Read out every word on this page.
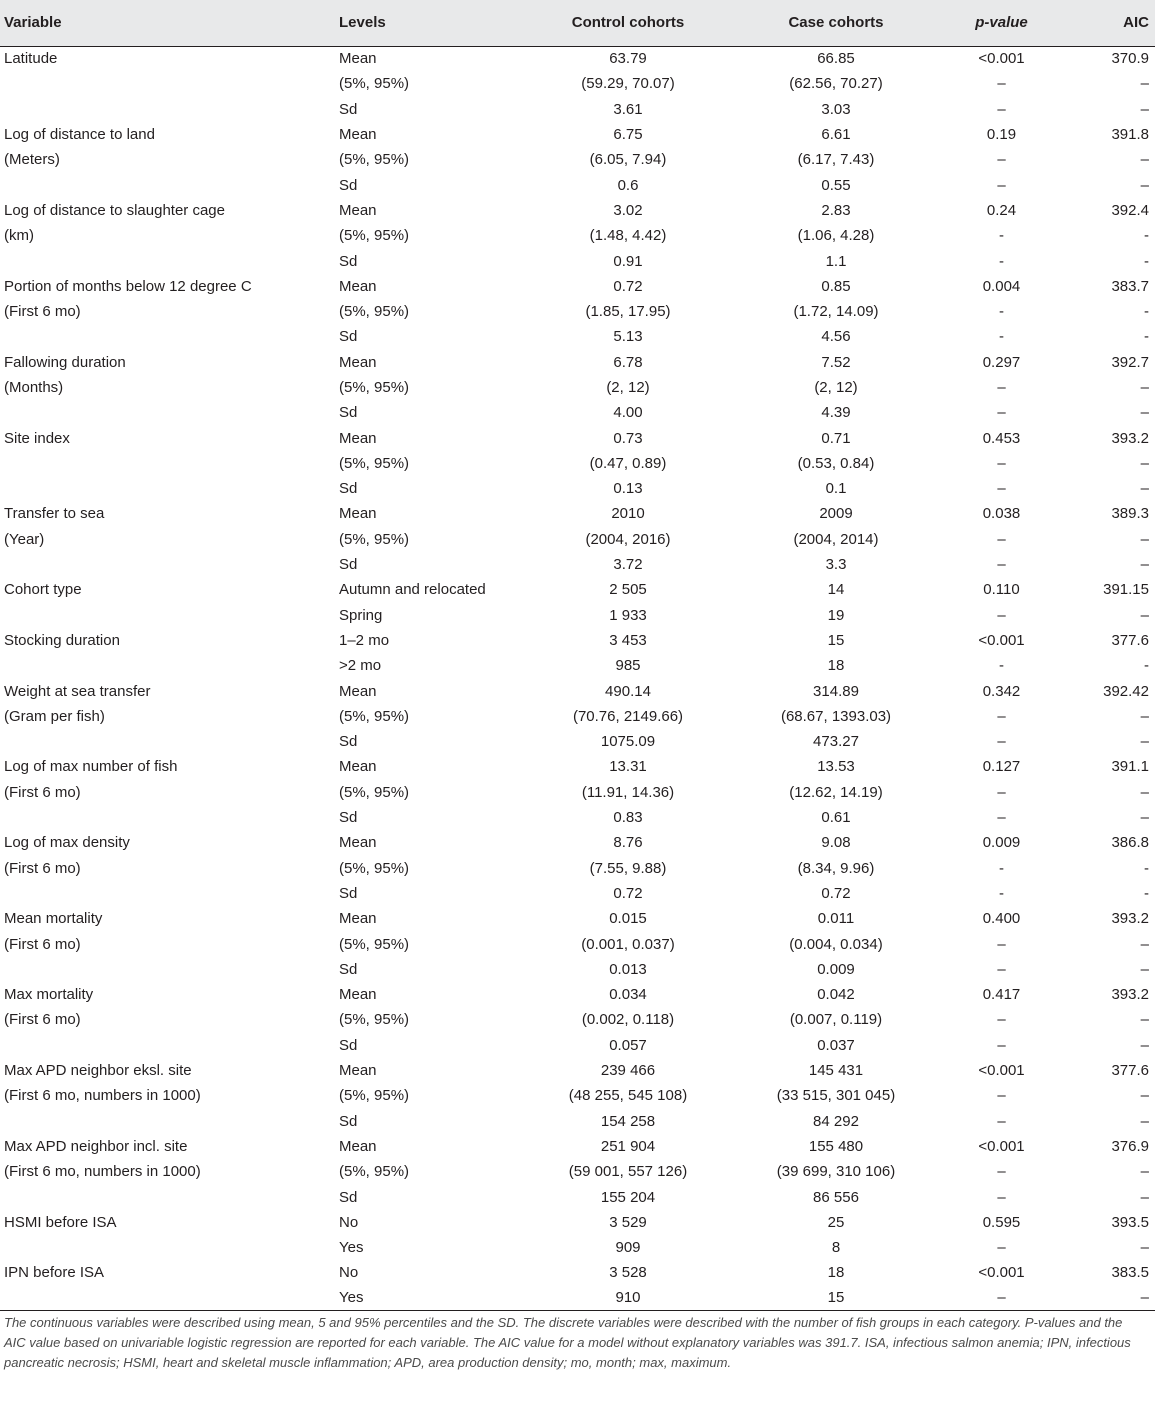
Variable	Levels	Control cohorts	Case cohorts	p-value	AIC
Latitude	Mean	63.79	66.85	<0.001	370.9
	(5%, 95%)	(59.29, 70.07)	(62.56, 70.27)	–	–
	Sd	3.61	3.03	–	–
Log of distance to land	Mean	6.75	6.61	0.19	391.8
(Meters)	(5%, 95%)	(6.05, 7.94)	(6.17, 7.43)	–	–
	Sd	0.6	0.55	–	–
Log of distance to slaughter cage	Mean	3.02	2.83	0.24	392.4
(km)	(5%, 95%)	(1.48, 4.42)	(1.06, 4.28)	-	-
	Sd	0.91	1.1	-	-
Portion of months below 12 degree C	Mean	0.72	0.85	0.004	383.7
(First 6 mo)	(5%, 95%)	(1.85, 17.95)	(1.72, 14.09)	-	-
	Sd	5.13	4.56	-	-
Fallowing duration	Mean	6.78	7.52	0.297	392.7
(Months)	(5%, 95%)	(2, 12)	(2, 12)	–	–
	Sd	4.00	4.39	–	–
Site index	Mean	0.73	0.71	0.453	393.2
	(5%, 95%)	(0.47, 0.89)	(0.53, 0.84)	–	–
	Sd	0.13	0.1	–	–
Transfer to sea	Mean	2010	2009	0.038	389.3
(Year)	(5%, 95%)	(2004, 2016)	(2004, 2014)	–	–
	Sd	3.72	3.3	–	–
Cohort type	Autumn and relocated	2 505	14	0.110	391.15
	Spring	1 933	19	–	–
Stocking duration	1–2 mo	3 453	15	<0.001	377.6
	>2 mo	985	18	-	-
Weight at sea transfer	Mean	490.14	314.89	0.342	392.42
(Gram per fish)	(5%, 95%)	(70.76, 2149.66)	(68.67, 1393.03)	–	–
	Sd	1075.09	473.27	–	–
Log of max number of fish	Mean	13.31	13.53	0.127	391.1
(First 6 mo)	(5%, 95%)	(11.91, 14.36)	(12.62, 14.19)	–	–
	Sd	0.83	0.61	–	–
Log of max density	Mean	8.76	9.08	0.009	386.8
(First 6 mo)	(5%, 95%)	(7.55, 9.88)	(8.34, 9.96)	-	-
	Sd	0.72	0.72	-	-
Mean mortality	Mean	0.015	0.011	0.400	393.2
(First 6 mo)	(5%, 95%)	(0.001, 0.037)	(0.004, 0.034)	–	–
	Sd	0.013	0.009	–	–
Max mortality	Mean	0.034	0.042	0.417	393.2
(First 6 mo)	(5%, 95%)	(0.002, 0.118)	(0.007, 0.119)	–	–
	Sd	0.057	0.037	–	–
Max APD neighbor eksl. site	Mean	239 466	145 431	<0.001	377.6
(First 6 mo, numbers in 1000)	(5%, 95%)	(48 255, 545 108)	(33 515, 301 045)	–	–
	Sd	154 258	84 292	–	–
Max APD neighbor incl. site	Mean	251 904	155 480	<0.001	376.9
(First 6 mo, numbers in 1000)	(5%, 95%)	(59 001, 557 126)	(39 699, 310 106)	–	–
	Sd	155 204	86 556	–	–
HSMI before ISA	No	3 529	25	0.595	393.5
	Yes	909	8	–	–
IPN before ISA	No	3 528	18	<0.001	383.5
	Yes	910	15	–	–

The continuous variables were described using mean, 5 and 95% percentiles and the SD. The discrete variables were described with the number of fish groups in each category. P-values and the AIC value based on univariable logistic regression are reported for each variable. The AIC value for a model without explanatory variables was 391.7. ISA, infectious salmon anemia; IPN, infectious pancreatic necrosis; HSMI, heart and skeletal muscle inflammation; APD, area production density; mo, month; max, maximum.
